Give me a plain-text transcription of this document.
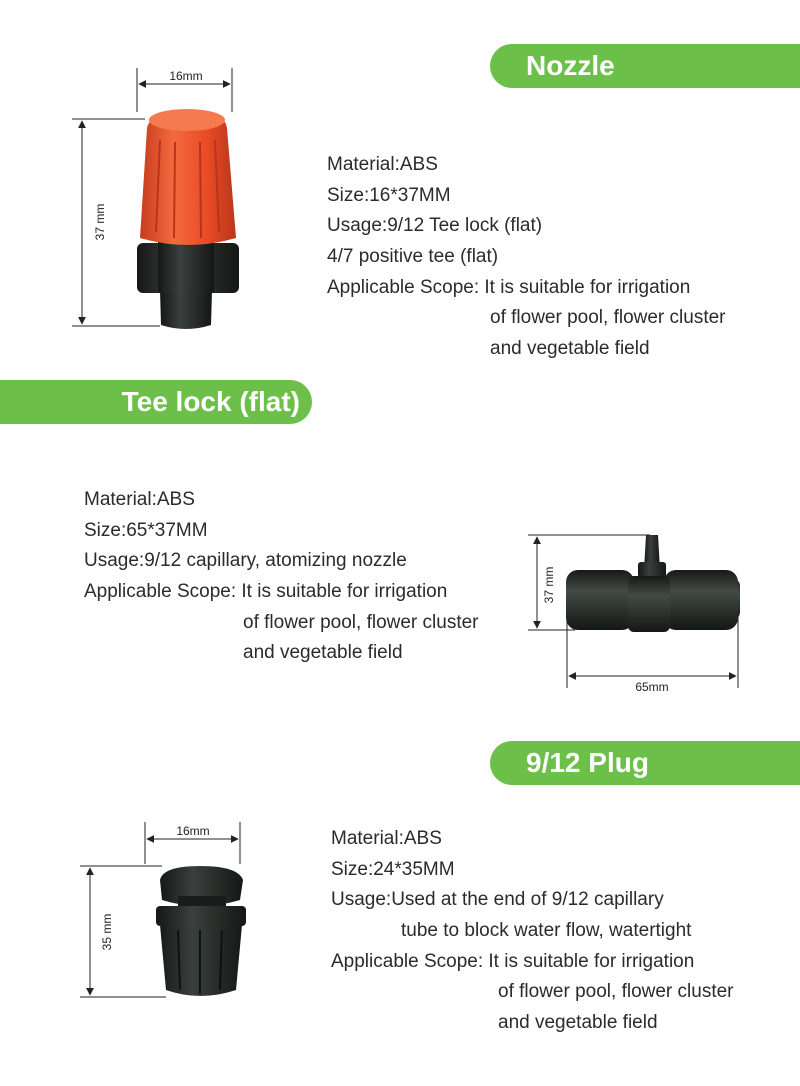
Nozzle
Tee lock (flat)
9/12 Plug
Material:ABS
Size:16*37MM
Usage:9/12 Tee lock (flat)
4/7 positive tee (flat)
Applicable Scope: It is suitable for irrigation
of flower pool, flower cluster
and vegetable field
Material:ABS
Size:65*37MM
Usage:9/12 capillary, atomizing nozzle
Applicable Scope: It is suitable for irrigation
of flower pool, flower cluster
and vegetable field
Material:ABS
Size:24*35MM
Usage:Used at the end of 9/12 capillary
tube to block water flow, watertight
Applicable Scope: It is suitable for irrigation
of flower pool, flower cluster
and vegetable field
16mm
37 mm
37 mm
65mm
16mm
35 mm
